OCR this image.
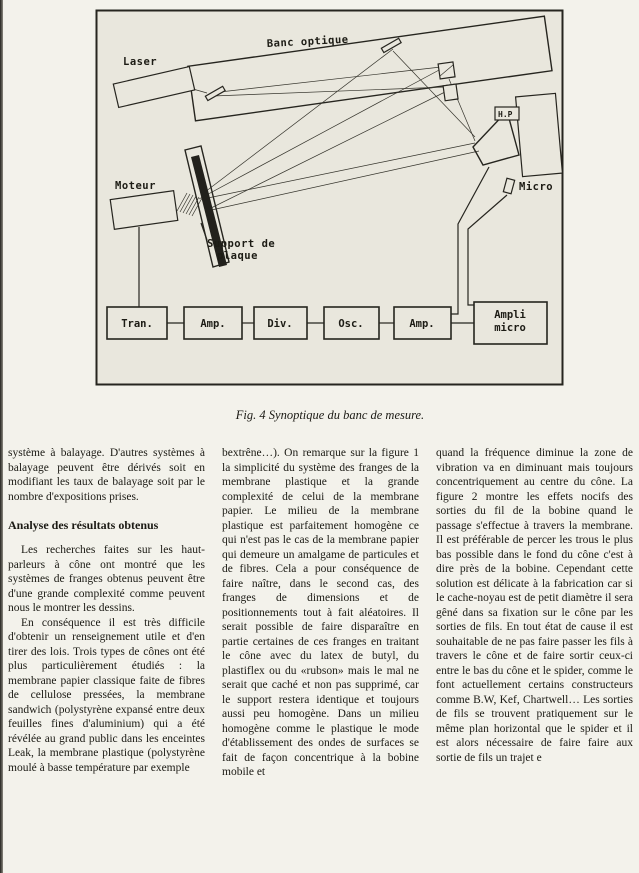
Laser
Moteur
Support de
plaque
H.P
Micro
Tran.	Amp.	Div.	Osc.	Amp.
Ampli
micro
Banc optique
Fig. 4 Synoptique du banc de mesure.

système à balayage. D'autres systèmes à balayage peuvent être dérivés soit en modifiant les taux de balayage soit par le nombre d'expositions prises.

Analyse des résultats obtenus

Les recherches faites sur les haut-parleurs à cône ont montré que les systèmes de franges obtenus peuvent être d'une grande complexité comme peuvent nous le montrer les dessins.

En conséquence il est très difficile d'obtenir un renseignement utile et d'en tirer des lois. Trois types de cônes ont été plus particulièrement étudiés : la membrane papier classique faite de fibres de cellulose pressées, la membrane sandwich (polystyrène expansé entre deux feuilles fines d'aluminium) qui a été révélée au grand public dans les enceintes Leak, la membrane plastique (polystyrène moulé à basse température par exemple

bextrêne…). On remarque sur la figure 1 la simplicité du système des franges de la membrane plastique et la grande complexité de celui de la membrane papier. Le milieu de la membrane plastique est parfaitement homogène ce qui n'est pas le cas de la membrane papier qui demeure un amalgame de particules et de fibres. Cela a pour conséquence de faire naître, dans le second cas, des franges de dimensions et de positionnements tout à fait aléatoires. Il serait possible de faire disparaître en partie certaines de ces franges en traitant le cône avec du latex de butyl, du plastiflex ou du «rubson» mais le mal ne serait que caché et non pas supprimé, car le support restera identique et toujours aussi peu homogène. Dans un milieu homogène comme le plastique le mode d'établissement des ondes de surfaces se fait de façon concentrique à la bobine mobile et

quand la fréquence diminue la zone de vibration va en diminuant mais toujours concentriquement au centre du cône. La figure 2 montre les effets nocifs des sorties du fil de la bobine quand le passage s'effectue à travers la membrane. Il est préférable de percer les trous le plus bas possible dans le fond du cône c'est à dire près de la bobine. Cependant cette solution est délicate à la fabrication car si le cache-noyau est de petit diamètre il sera gêné dans sa fixation sur le cône par les sorties de fils. En tout état de cause il est souhaitable de ne pas faire passer les fils à travers le cône et de faire sortir ceux-ci entre le bas du cône et le spider, comme le font actuellement certains constructeurs comme B.W, Kef, Chartwell… Les sorties de fils se trouvent pratiquement sur le même plan horizontal que le spider et il est alors nécessaire de faire faire aux sortie de fils un trajet e
